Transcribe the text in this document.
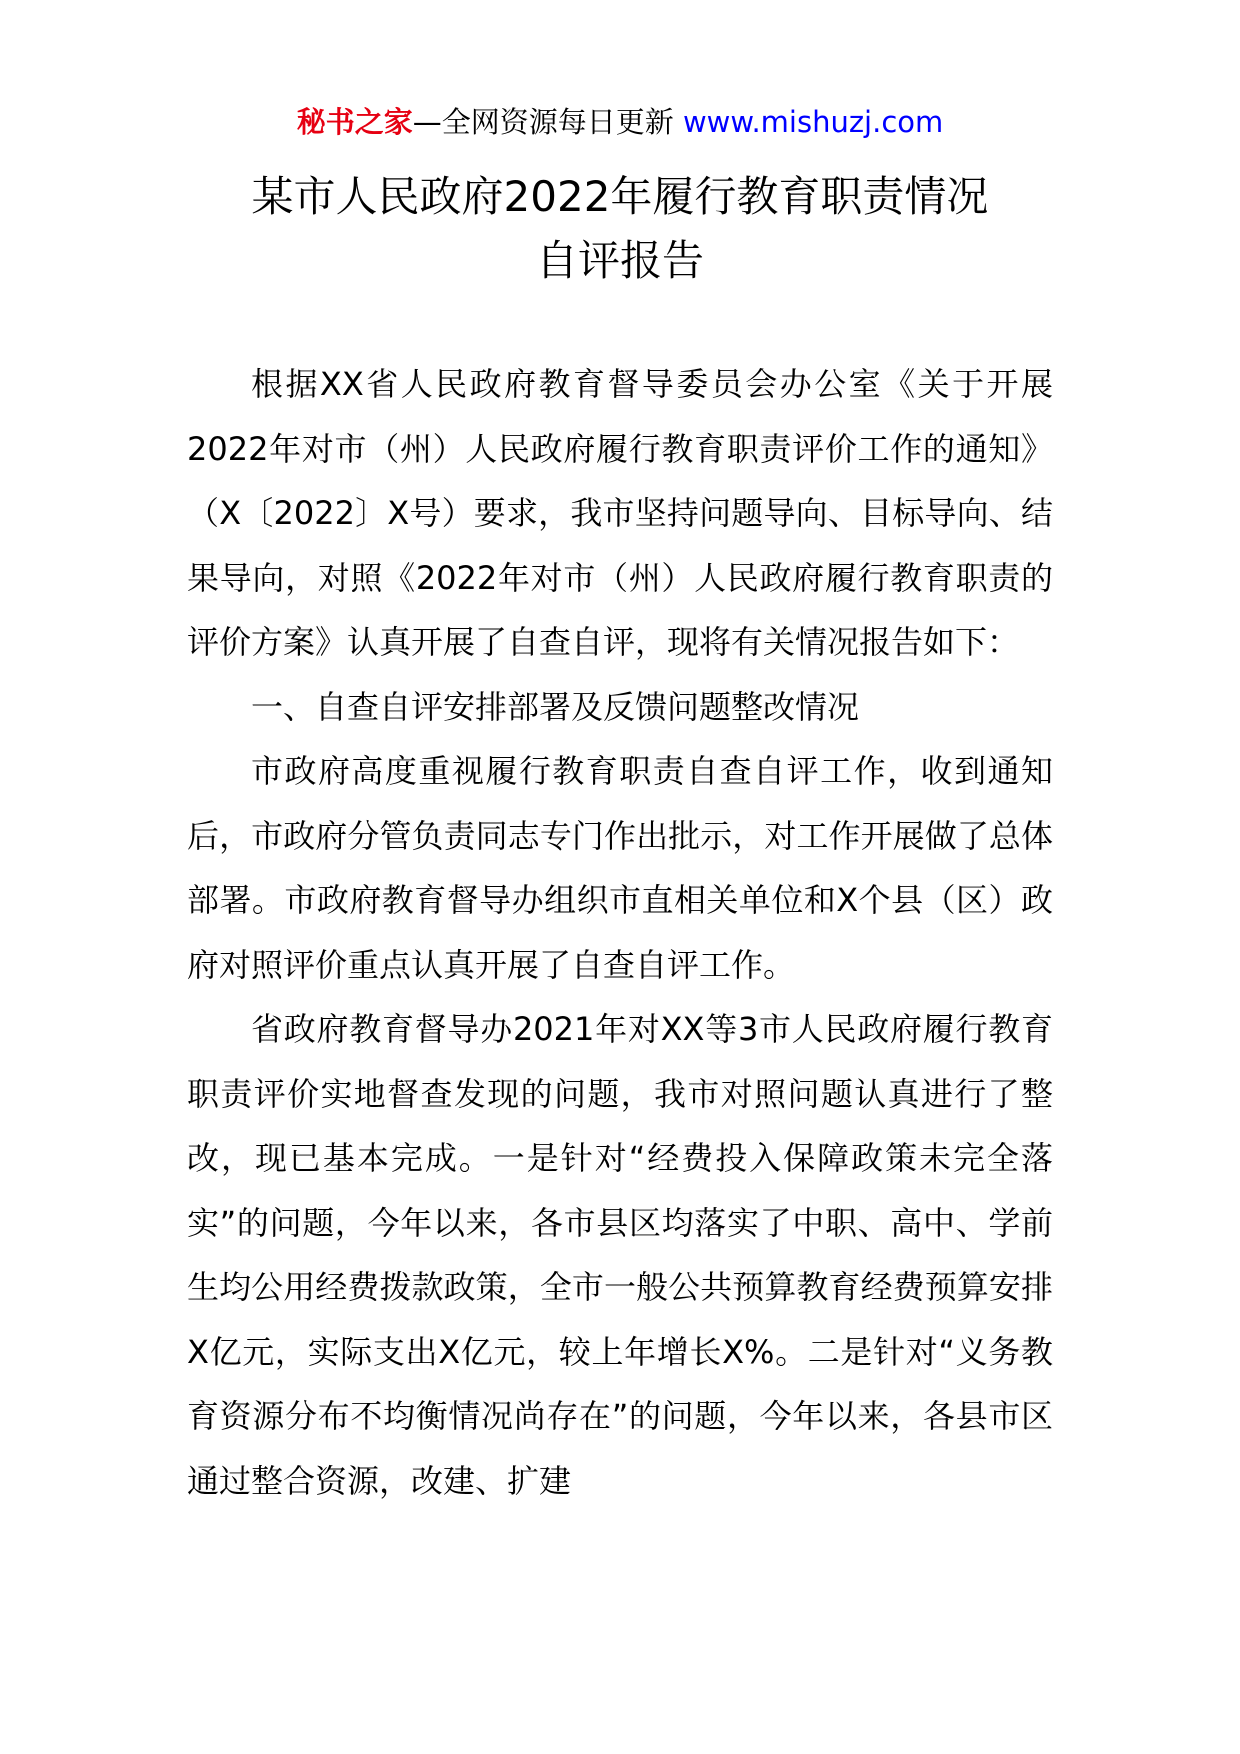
秘书之家—全网资源每日更新 www.mishuzj.com
某市人民政府2022年履行教育职责情况
自评报告

根据XX省人民政府教育督导委员会办公室《关于开展2022年对市（州）人民政府履行教育职责评价工作的通知》（X〔2022〕X号）要求，我市坚持问题导向、目标导向、结果导向，对照《2022年对市（州）人民政府履行教育职责的评价方案》认真开展了自查自评，现将有关情况报告如下：

一、自查自评安排部署及反馈问题整改情况

市政府高度重视履行教育职责自查自评工作，收到通知后，市政府分管负责同志专门作出批示，对工作开展做了总体部署。市政府教育督导办组织市直相关单位和X个县（区）政府对照评价重点认真开展了自查自评工作。

省政府教育督导办2021年对XX等3市人民政府履行教育职责评价实地督查发现的问题，我市对照问题认真进行了整改，现已基本完成。一是针对“经费投入保障政策未完全落实”的问题，今年以来，各市县区均落实了中职、高中、学前生均公用经费拨款政策，全市一般公共预算教育经费预算安排X亿元，实际支出X亿元，较上年增长X%。二是针对“义务教育资源分布不均衡情况尚存在”的问题，今年以来，各县市区通过整合资源，改建、扩建
